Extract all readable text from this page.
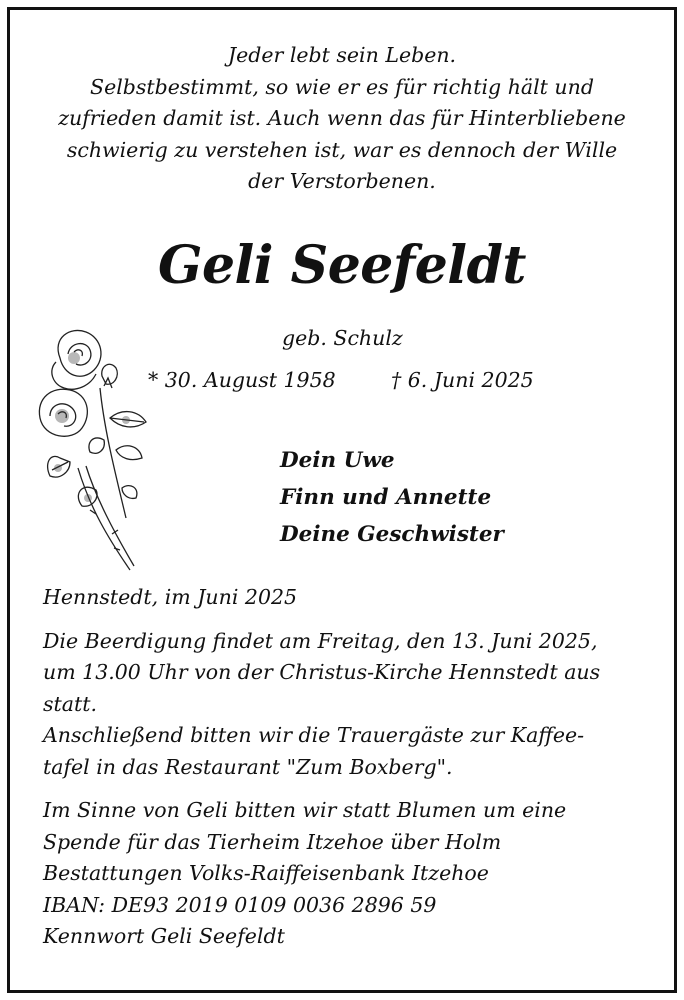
Jeder lebt sein Leben.
Selbstbestimmt, so wie er es für richtig hält und
zufrieden damit ist. Auch wenn das für Hinterbliebene
schwierig zu verstehen ist, war es dennoch der Wille
der Verstorbenen.
Geli Seefeldt
geb. Schulz
* 30. August 1958	† 6. Juni 2025
Dein Uwe
Finn und Annette
Deine Geschwister
Hennstedt, im Juni 2025
Die Beerdigung findet am Freitag, den 13. Juni 2025,
um 13.00 Uhr von der Christus-Kirche Hennstedt aus
statt.
Anschließend bitten wir die Trauergäste zur Kaffee-
tafel in das Restaurant "Zum Boxberg".
Im Sinne von Geli bitten wir statt Blumen um eine
Spende für das Tierheim Itzehoe über Holm
Bestattungen Volks-Raiffeisenbank Itzehoe
IBAN: DE93 2019 0109 0036 2896 59
Kennwort Geli Seefeldt
